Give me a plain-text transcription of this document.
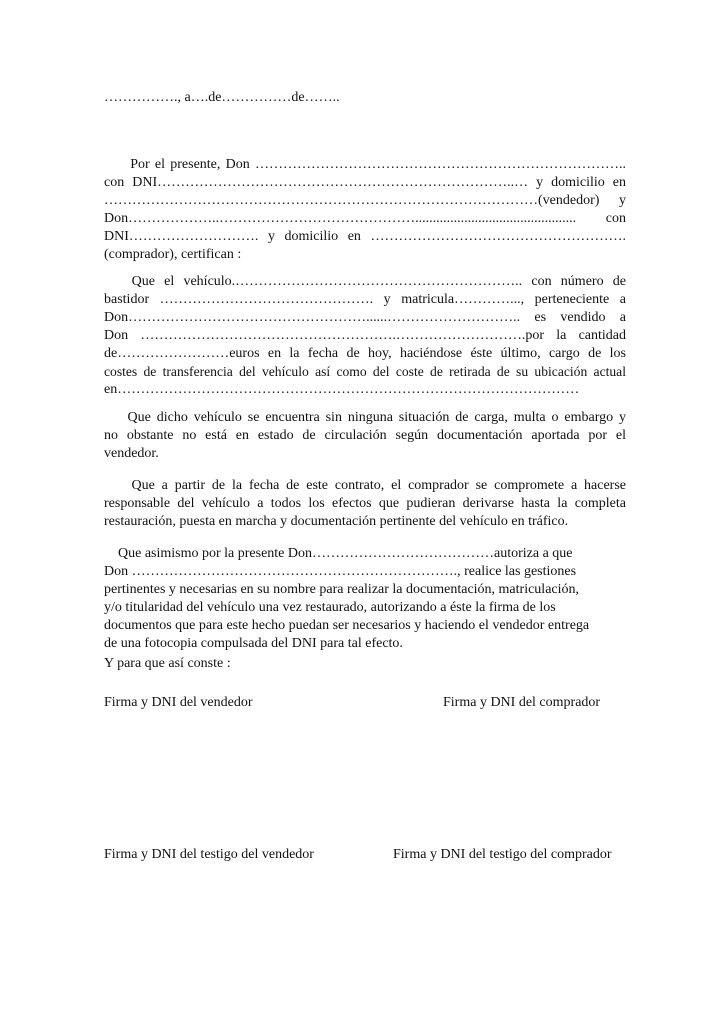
……………., a….de……………de……..
Por el presente, Don ……………………………………………………………………..
con DNI…………………………………………………………………..… y domicilio en
…………………………………………………………………………………(vendedor) y
Don………………..…………………………………….............................................. con
DNI………………………. y domicilio en ……………………………………………….
(comprador), certifican :
Que el vehículo.…………………………………………………….. con número de
bastidor ………………………………………. y matricula…………..., perteneciente a
Don……………………………………………......……………………….. es vendido a
Don ……………………………………………….……………………….por la cantidad
de……………………euros en la fecha de hoy, haciéndose éste último, cargo de los
costes de transferencia del vehículo así como del coste de retirada de su ubicación actual
en………………………………………………………………………………………
Que dicho vehículo se encuentra sin ninguna situación de carga, multa o embargo y
no obstante no está en estado de circulación según documentación aportada por el
vendedor.
Que a partir de la fecha de este contrato, el comprador se compromete a hacerse
responsable del vehículo a todos los efectos que pudieran derivarse hasta la completa
restauración, puesta en marcha y documentación pertinente del vehículo en tráfico.
Que asimismo por la presente Don…………………………………autoriza a que
Don ……………………………………………………………., realice las gestiones
pertinentes y necesarias en su nombre para realizar la documentación, matriculación,
y/o titularidad del vehículo una vez restaurado, autorizando a éste la firma de los
documentos que para este hecho puedan ser necesarios y haciendo el vendedor entrega
de una fotocopia compulsada del DNI para tal efecto.
Y para que así conste :
Firma y DNI del vendedor	Firma y DNI del comprador
Firma y DNI del testigo del vendedor	Firma y DNI del testigo del comprador
